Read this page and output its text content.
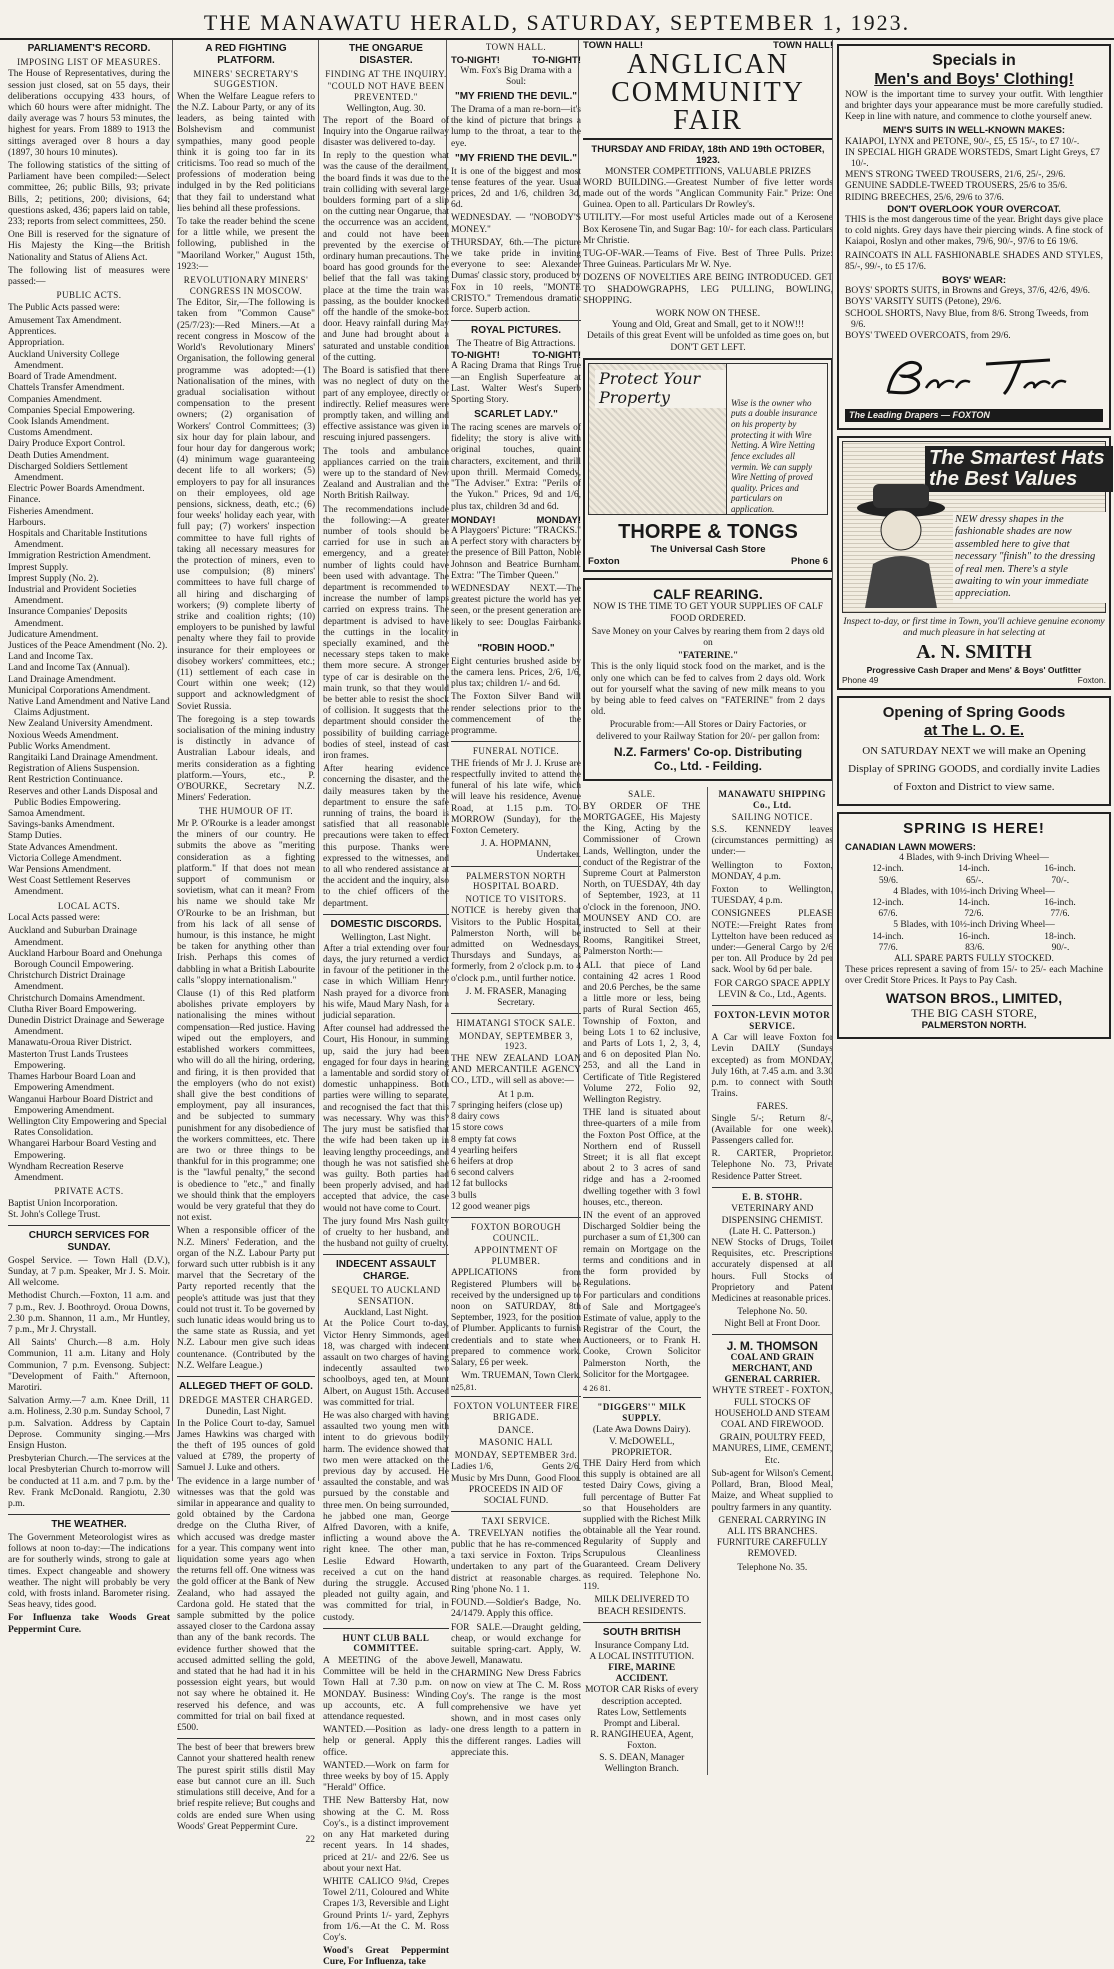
THE MANAWATU HERALD, SATURDAY, SEPTEMBER 1, 1923.
PARLIAMENT'S RECORD.
IMPOSING LIST OF MEASURES.

The House of Representatives, during the session just closed, sat on 55 days, their deliberations occupying 433 hours, of which 60 hours were after midnight. The daily average was 7 hours 53 minutes, the highest for years. From 1889 to 1913 the sittings averaged over 8 hours a day (1897, 30 hours 10 minutes).

The following statistics of the sitting of Parliament have been compiled:—Select committee, 26; public Bills, 93; private Bills, 2; petitions, 200; divisions, 64; questions asked, 436; papers laid on table, 233; reports from select committees, 250.

One Bill is reserved for the signature of His Majesty the King—the British Nationality and Status of Aliens Act.

The following list of measures were passed:—

PUBLIC ACTS.

The Public Acts passed were:

Amusement Tax Amendment.
Apprentices.
Appropriation.
Auckland University College Amendment.
Board of Trade Amendment.
Chattels Transfer Amendment.
Companies Amendment.
Companies Special Empowering.
Cook Islands Amendment.
Customs Amendment.
Dairy Produce Export Control.
Death Duties Amendment.
Discharged Soldiers Settlement Amendment.
Electric Power Boards Amendment.
Finance.
Fisheries Amendment.
Harbours.
Hospitals and Charitable Institutions Amendment.
Immigration Restriction Amendment.
Imprest Supply.
Imprest Supply (No. 2).
Industrial and Provident Societies Amendment.
Insurance Companies' Deposits Amendment.
Judicature Amendment.
Justices of the Peace Amendment (No. 2).
Land and Income Tax.
Land and Income Tax (Annual).
Land Drainage Amendment.
Municipal Corporations Amendment.
Native Land Amendment and Native Land Claims Adjustment.
New Zealand University Amendment.
Noxious Weeds Amendment.
Public Works Amendment.
Rangitaiki Land Drainage Amendment.
Registration of Aliens Suspension.
Rent Restriction Continuance.
Reserves and other Lands Disposal and Public Bodies Empowering.
Samoa Amendment.
Savings-banks Amendment.
Stamp Duties.
State Advances Amendment.
Victoria College Amendment.
War Pensions Amendment.
West Coast Settlement Reserves Amendment.
LOCAL ACTS.

Local Acts passed were:

Auckland and Suburban Drainage Amendment.
Auckland Harbour Board and Onehunga Borough Council Empowering.
Christchurch District Drainage Amendment.
Christchurch Domains Amendment.
Clutha River Board Empowering.
Dunedin District Drainage and Sewerage Amendment.
Manawatu-Oroua River District.
Masterton Trust Lands Trustees Empowering.
Thames Harbour Board Loan and Empowering Amendment.
Wanganui Harbour Board District and Empowering Amendment.
Wellington City Empowering and Special Rates Consolidation.
Whangarei Harbour Board Vesting and Empowering.
Wyndham Recreation Reserve Amendment.
PRIVATE ACTS.
Baptist Union Incorporation.
St. John's College Trust.
CHURCH SERVICES FOR SUNDAY.

Gospel Service. — Town Hall (D.V.), Sunday, at 7 p.m. Speaker, Mr J. S. Moir. All welcome.

Methodist Church.—Foxton, 11 a.m. and 7 p.m., Rev. J. Boothroyd. Oroua Downs, 2.30 p.m. Shannon, 11 a.m., Mr Huntley, 7 p.m., Mr J. Chrystall.

All Saints' Church.—8 a.m. Holy Communion, 11 a.m. Litany and Holy Communion, 7 p.m. Evensong. Subject: "Development of Faith." Afternoon, Marotiri.

Salvation Army.—7 a.m. Knee Drill, 11 a.m. Holiness, 2.30 p.m. Sunday School, 7 p.m. Salvation. Address by Captain Deprose. Community singing.—Mrs Ensign Huston.

Presbyterian Church.—The services at the local Presbyterian Church to-morrow will be conducted at 11 a.m. and 7 p.m. by the Rev. Frank McDonald. Rangiotu, 2.30 p.m.

THE WEATHER.

The Government Meteorologist wires as follows at noon to-day:—The indications are for southerly winds, strong to gale at times. Expect changeable and showery weather. The night will probably be very cold, with frosts inland. Barometer rising. Seas heavy, tides good.

For Influenza take Woods Great Peppermint Cure.

A RED FIGHTING PLATFORM.
MINERS' SECRETARY'S SUGGESTION.

When the Welfare League refers to the N.Z. Labour Party, or any of its leaders, as being tainted with Bolshevism and communist sympathies, many good people think it is going too far in its criticisms. Too read so much of the professions of moderation being indulged in by the Red politicians that they fail to understand what lies behind all these professions.

To take the reader behind the scene for a little while, we present the following, published in the "Maoriland Worker," August 15th, 1923:—

REVOLUTIONARY MINERS' CONGRESS IN MOSCOW.

The Editor, Sir,—The following is taken from "Common Cause" (25/7/23):—Red Miners.—At a recent congress in Moscow of the World's Revolutionary Miners' Organisation, the following general programme was adopted:—(1) Nationalisation of the mines, with gradual socialisation without compensation to the present owners; (2) organisation of Workers' Control Committees; (3) six hour day for plain labour, and four hour day for dangerous work; (4) minimum wage guaranteeing decent life to all workers; (5) employers to pay for all insurances on their employees, old age pensions, sickness, death, etc.; (6) four weeks' holiday each year, with full pay; (7) workers' inspection committee to have full rights of taking all necessary measures for the protection of miners, even to use compulsion; (8) miners' committees to have full charge of all hiring and discharging of workers; (9) complete liberty of strike and coalition rights; (10) employers to be punished by lawful penalty where they fail to provide insurance for their employees or disobey workers' committees, etc.; (11) settlement of each case in Court within one week; (12) support and acknowledgment of Soviet Russia.

The foregoing is a step towards socialisation of the mining industry is distinctly in advance of Australian Labour ideals, and merits consideration as a fighting platform.—Yours, etc., P. O'BOURKE, Secretary N.Z. Miners' Federation.

THE HUMOUR OF IT.

Mr P. O'Rourke is a leader amongst the miners of our country. He submits the above as "meriting consideration as a fighting platform." If that does not mean support of communism or sovietism, what can it mean? From his name we should take Mr O'Rourke to be an Irishman, but from his lack of all sense of humour, is this instance, he might be taken for anything other than Irish. Perhaps this comes of dabbling in what a British Labourite calls "sloppy internationalism."

Clause (1) of this Red platform abolishes private employers by nationalising the mines without compensation—Red justice. Having wiped out the employers, and established workers committees, who will do all the hiring, ordering, and firing, it is then provided that the employers (who do not exist) shall give the best conditions of employment, pay all insurances, and be subjected to summary punishment for any disobedience of the workers committees, etc. There are two or three things to be thankful for in this programme; one is the "lawful penalty," the second is obedience to "etc.," and finally we should think that the employers would be very grateful that they do not exist.

When a responsible officer of the N.Z. Miners' Federation, and the organ of the N.Z. Labour Party put forward such utter rubbish is it any marvel that the Secretary of the Party reported recently that the people's attitude was just that they could not trust it. To be governed by such lunatic ideas would bring us to the same state as Russia, and yet N.Z. Labour men give such ideas countenance. (Contributed by the N.Z. Welfare League.)

ALLEGED THEFT OF GOLD.
DREDGE MASTER CHARGED.
Dunedin, Last Night.

In the Police Court to-day, Samuel James Hawkins was charged with the theft of 195 ounces of gold valued at £789, the property of Samuel J. Luke and others.

The evidence in a large number of witnesses was that the gold was similar in appearance and quality to gold obtained by the Cardona dredge on the Clutha River, of which accused was dredge master for a year. This company went into liquidation some years ago when the returns fell off. One witness was the gold officer at the Bank of New Zealand, who had assayed the Cardona gold. He stated that the sample submitted by the police assayed closer to the Cardona assay than any of the bank records. The evidence further showed that the accused admitted selling the gold, and stated that he had had it in his possession eight years, but would not say where he obtained it. He reserved his defence, and was committed for trial on bail fixed at £500.

The best of beer that brewers brew Cannot your shattered health renew The purest spirit stills distil May ease but cannot cure an ill. Such stimulations still deceive, And for a brief respite relieve; But coughs and colds are ended sure When using Woods' Great Peppermint Cure.

22
THE ONGARUE DISASTER.
FINDING AT THE INQUIRY.
"COULD NOT HAVE BEEN PREVENTED."
Wellington, Aug. 30.

The report of the Board of Inquiry into the Ongarue railway disaster was delivered to-day.

In reply to the question what was the cause of the derailment, the board finds it was due to the train colliding with several large boulders forming part of a slip on the cutting near Ongarue, that the occurrence was an accident, and could not have been prevented by the exercise of ordinary human precautions. The board has good grounds for the belief that the fall was taking place at the time the train was passing, as the boulder knocked off the handle of the smoke-box door. Heavy rainfall during May and June had brought about a saturated and unstable condition of the cutting.

The Board is satisfied that there was no neglect of duty on the part of any employee, directly or indirectly. Relief measures were promptly taken, and willing and effective assistance was given in rescuing injured passengers.

The tools and ambulance appliances carried on the train were up to the standard of New Zealand and Australian and the North British Railway.

The recommendations include the following:—A greater number of tools should be carried for use in such an emergency, and a greater number of lights could have been used with advantage. The department is recommended to increase the number of lamps carried on express trains. The department is advised to have the cuttings in the locality specially examined, and the necessary steps taken to make them more secure. A stronger type of car is desirable on the main trunk, so that they would be better able to resist the shock of collision. It suggests that the department should consider the possibility of building carriage bodies of steel, instead of cast iron frames.

After hearing evidence concerning the disaster, and the daily measures taken by the department to ensure the safe running of trains, the board is satisfied that all reasonable precautions were taken to effect this purpose. Thanks were expressed to the witnesses, and to all who rendered assistance at the accident and the inquiry, also to the chief officers of the department.

DOMESTIC DISCORDS.
Wellington, Last Night.

After a trial extending over four days, the jury returned a verdict in favour of the petitioner in the case in which William Henry Nash prayed for a divorce from his wife, Maud Mary Nash, for a judicial separation.

After counsel had addressed the Court, His Honour, in summing up, said the jury had been engaged for four days in hearing a lamentable and sordid story of domestic unhappiness. Both parties were willing to separate, and recognised the fact that this was necessary. Why was this? The jury must be satisfied that the wife had been taken up in leaving lengthy proceedings, and though he was not satisfied she was guilty. Both parties had been properly advised, and had accepted that advice, the case would not have come to Court.

The jury found Mrs Nash guilty of cruelty to her husband, and the husband not guilty of cruelty.

INDECENT ASSAULT CHARGE.
SEQUEL TO AUCKLAND SENSATION.
Auckland, Last Night.

At the Police Court to-day, Victor Henry Simmonds, aged 18, was charged with indecent assault on two charges of having indecently assaulted two schoolboys, aged ten, at Mount Albert, on August 15th. Accused was committed for trial.

He was also charged with having assaulted two young men with intent to do grievous bodily harm. The evidence showed that two men were attacked on the previous day by accused. He assaulted the constable, and was pursued by the constable and three men. On being surrounded, he jabbed one man, George Alfred Davoren, with a knife, inflicting a wound above the right knee. The other man, Leslie Edward Howarth, received a cut on the hand during the struggle. Accused pleaded not guilty again, and was committed for trial, in custody.

HUNT CLUB BALL COMMITTEE.

A MEETING of the above Committee will be held in the Town Hall at 7.30 p.m. on MONDAY. Business: Winding up accounts, etc. A full attendance requested.

WANTED.—Position as lady-help or general. Apply this office.

WANTED.—Work on farm for three weeks by boy of 15. Apply "Herald" Office.

THE New Battersby Hat, now showing at the C. M. Ross Coy's., is a distinct improvement on any Hat marketed during recent years. In 14 shades, priced at 21/- and 22/6. See us about your next Hat.

WHITE CALICO 9¾d, Crepes Towel 2/11, Coloured and White Crapes 1/3, Reversible and Light Ground Prints 1/- yard, Zephyrs from 1/6.—At the C. M. Ross Coy's.

Wood's Great Peppermint Cure, For Influenza, take

TOWN HALL.
TO-NIGHT!	TO-NIGHT!
Wm. Fox's Big Drama with a Soul:
"MY FRIEND THE DEVIL."

The Drama of a man re-born—it's the kind of picture that brings a lump to the throat, a tear to the eye.

"MY FRIEND THE DEVIL."

It is one of the biggest and most tense features of the year. Usual prices, 2d and 1/6, children 3d, 6d.

WEDNESDAY. — "NOBODY'S MONEY."

THURSDAY, 6th.—The picture we take pride in inviting everyone to see: Alexander Dumas' classic story, produced by Fox in 10 reels, "MONTE CRISTO." Tremendous dramatic force. Superb action.

ROYAL PICTURES.
The Theatre of Big Attractions.
TO-NIGHT!	TO-NIGHT!

A Racing Drama that Rings True—an English Superfeature at Last. Walter West's Superb Sporting Story.

SCARLET LADY."

The racing scenes are marvels of fidelity; the story is alive with original touches, quaint characters, excitement, and thrill upon thrill. Mermaid Comedy, "The Adviser." Extra: "Perils of the Yukon." Prices, 9d and 1/6, plus tax, children 3d and 6d.

MONDAY!	MONDAY!

A Playgoers' Picture: "TRACKS." A perfect story with characters by the presence of Bill Patton, Noble Johnson and Beatrice Burnham. Extra: "The Timber Queen."

WEDNESDAY NEXT.—The greatest picture the world has yet seen, or the present generation are likely to see: Douglas Fairbanks in

"ROBIN HOOD."

Eight centuries brushed aside by the camera lens. Prices, 2/6, 1/6, plus tax; children 1/- and 6d.

The Foxton Silver Band will render selections prior to the commencement of the programme.

FUNERAL NOTICE.

THE friends of Mr J. J. Kruse are respectfully invited to attend the funeral of his late wife, which will leave his residence, Avenue Road, at 1.15 p.m. TO-MORROW (Sunday), for the Foxton Cemetery.

J. A. HOPMANN,
Undertaker.
PALMERSTON NORTH HOSPITAL BOARD.
NOTICE TO VISITORS.

NOTICE is hereby given that Visitors to the Public Hospital, Palmerston North, will be admitted on Wednesdays, Thursdays and Sundays, as formerly, from 2 o'clock p.m. to 4 o'clock p.m., until further notice.

J. M. FRASER, Managing Secretary.
HIMATANGI STOCK SALE.
MONDAY, SEPTEMBER 3, 1923.

THE NEW ZEALAND LOAN AND MERCANTILE AGENCY CO., LTD., will sell as above:—

At 1 p.m.
7 springing heifers (close up)
8 dairy cows
15 store cows
8 empty fat cows
4 yearling heifers
6 heifers at drop
6 second calvers
12 fat bullocks
3 bulls
12 good weaner pigs
FOXTON BOROUGH COUNCIL.
APPOINTMENT OF PLUMBER.

APPLICATIONS from Registered Plumbers will be received by the undersigned up to noon on SATURDAY, 8th September, 1923, for the position of Plumber. Applicants to furnish credentials and to state when prepared to commence work. Salary, £6 per week.

Wm. TRUEMAN, Town Clerk.
n25,81.
FOXTON VOLUNTEER FIRE BRIGADE.
DANCE.
MASONIC HALL
MONDAY, SEPTEMBER 3rd.
Ladies 1/6,	Gents 2/6.
Music by Mrs Dunn, Good Floor.
PROCEEDS IN AID OF SOCIAL FUND.
TAXI SERVICE.

A. TREVELYAN notifies the public that he has re-commenced a taxi service in Foxton. Trips undertaken to any part of the district at reasonable charges. Ring 'phone No. 1 1.

FOUND.—Soldier's Badge, No. 24/1479. Apply this office.

FOR SALE.—Draught gelding, cheap, or would exchange for suitable spring-cart. Apply, W. Jewell, Manawatu.

CHARMING New Dress Fabrics now on view at The C. M. Ross Coy's. The range is the most comprehensive we have yet shown, and in most cases only one dress length to a pattern in the different ranges. Ladies will appreciate this.

TOWN HALL!	TOWN HALL!
ANGLICAN
COMMUNITY FAIR
THURSDAY AND FRIDAY, 18th AND 19th OCTOBER, 1923.
MONSTER COMPETITIONS, VALUABLE PRIZES

WORD BUILDING.—Greatest Number of five letter words made out of the words "Anglican Community Fair." Prize: One Guinea. Open to all. Particulars Dr Rowley's.

UTILITY.—For most useful Articles made out of a Kerosene Box Kerosene Tin, and Sugar Bag: 10/- for each class. Particulars Mr Christie.

TUG-OF-WAR.—Teams of Five. Best of Three Pulls. Prize: Three Guineas. Particulars Mr W. Nye.

DOZENS OF NOVELTIES ARE BEING INTRODUCED. GET TO SHADOWGRAPHS, LEG PULLING, BOWLING, SHOPPING.

WORK NOW ON THESE.
Young and Old, Great and Small, get to it NOW!!!

Details of this great Event will be unfolded as time goes on, but DON'T GET LEFT.

Protect Your Property	Wise is the owner who puts a double insurance on his property by protecting it with Wire Netting. A Wire Netting fence excludes all vermin. We can supply Wire Netting of proved quality. Prices and particulars on application.
THORPE & TONGS
The Universal Cash Store
Foxton	Phone 6
CALF REARING.

NOW IS THE TIME TO GET YOUR SUPPLIES OF CALF FOOD ORDERED.

Save Money on your Calves by rearing them from 2 days old on

"FATERINE."

This is the only liquid stock food on the market, and is the only one which can be fed to calves from 2 days old. Work out for yourself what the saving of new milk means to you by being able to feed calves on "FATERINE" from 2 days old.

Procurable from:—All Stores or Dairy Factories, or delivered to your Railway Station for 20/- per gallon from:

N.Z. Farmers' Co-op. Distributing
Co., Ltd. - Feilding.
SALE.

BY ORDER OF THE MORTGAGEE, His Majesty the King, Acting by the Commissioner of Crown Lands, Wellington, under the conduct of the Registrar of the Supreme Court at Palmerston North, on TUESDAY, 4th day of September, 1923, at 11 o'clock in the forenoon, JNO. MOUNSEY AND CO. are instructed to Sell at their Rooms, Rangitikei Street, Palmerston North:—

ALL that piece of Land containing 42 acres 1 Rood and 20.6 Perches, be the same a little more or less, being parts of Rural Section 465, Township of Foxton, and being Lots 1 to 62 inclusive, and Parts of Lots 1, 2, 3, 4, and 6 on deposited Plan No. 253, and all the Land in Certificate of Title Registered Volume 272, Folio 92, Wellington Registry.

THE land is situated about three-quarters of a mile from the Foxton Post Office, at the Northern end of Russell Street; it is all flat except about 2 to 3 acres of sand ridge and has a 2-roomed dwelling together with 3 fowl houses, etc., thereon.

IN the event of an approved Discharged Soldier being the purchaser a sum of £1,300 can remain on Mortgage on the terms and conditions and in the form provided by Regulations.

For particulars and conditions of Sale and Mortgagee's Estimate of value, apply to the Registrar of the Court, the Auctioneers, or to Frank H. Cooke, Crown Solicitor Palmerston North, the Solicitor for the Mortgagee.

4 26 81.
"DIGGERS'" MILK SUPPLY.
(Late Awa Downs Dairy).
V. McDOWELL, PROPRIETOR.

THE Dairy Herd from which this supply is obtained are all tested Dairy Cows, giving a full percentage of Butter Fat so that Householders are supplied with the Richest Milk obtainable all the Year round. Regularity of Supply and Scrupulous Cleanliness Guaranteed. Cream Delivery as required. Telephone No. 119.

MILK DELIVERED TO BEACH RESIDENTS.
SOUTH BRITISH
Insurance Company Ltd.
A LOCAL INSTITUTION.
FIRE, MARINE ACCIDENT.
MOTOR CAR Risks of every description accepted.
Rates Low, Settlements Prompt and Liberal.
R. RANGIHEUEA, Agent, Foxton.
S. S. DEAN, Manager Wellington Branch.
MANAWATU SHIPPING Co., Ltd.
SAILING NOTICE.

S.S. KENNEDY leaves (circumstances permitting) as under:—

Wellington to Foxton, MONDAY, 4 p.m.

Foxton to Wellington, TUESDAY, 4 p.m.

CONSIGNEES PLEASE NOTE:—Freight Rates from Lyttelton have been reduced as under:—General Cargo by 2/6 per ton. All Produce by 2d per sack. Wool by 6d per bale.

FOR CARGO SPACE APPLY LEVIN & Co., Ltd., Agents.

FOXTON-LEVIN MOTOR SERVICE.

A Car will leave Foxton for Levin DAILY (Sundays excepted) as from MONDAY, July 16th, at 7.45 a.m. and 3.30 p.m. to connect with South Trains.

FARES.

Single 5/-; Return 8/-, (Available for one week). Passengers called for.

R. CARTER, Proprietor. Telephone No. 73, Private Residence Patter Street.

E. B. STOHR.
VETERINARY AND DISPENSING CHEMIST.
(Late H. C. Patterson.)

NEW Stocks of Drugs, Toilet Requisites, etc. Prescriptions accurately dispensed at all hours. Full Stocks of Proprietory and Patent Medicines at reasonable prices.

Telephone No. 50.
Night Bell at Front Door.
J. M. THOMSON
COAL AND GRAIN MERCHANT, AND GENERAL CARRIER.
WHYTE STREET - FOXTON,

FULL STOCKS OF HOUSEHOLD AND STEAM COAL AND FIREWOOD.

GRAIN, POULTRY FEED, MANURES, LIME, CEMENT, Etc.

Sub-agent for Wilson's Cement. Pollard, Bran, Blood Meal, Maize, and Wheat supplied to poultry farmers in any quantity.

GENERAL CARRYING IN ALL ITS BRANCHES. FURNITURE CAREFULLY REMOVED.

Telephone No. 35.
Specials in
Men's and Boys' Clothing!

NOW is the important time to survey your outfit. With lengthier and brighter days your appearance must be more carefully studied. Keep in line with nature, and commence to clothe yourself anew.

MEN'S SUITS IN WELL-KNOWN MAKES:
KAIAPOI, LYNX and PETONE, 90/-, £5, £5 15/-, to £7 10/-.
IN SPECIAL HIGH GRADE WORSTEDS, Smart Light Greys, £7 10/-.
MEN'S STRONG TWEED TROUSERS, 21/6, 25/-, 29/6.
GENUINE SADDLE-TWEED TROUSERS, 25/6 to 35/6.
RIDING BREECHES, 25/6, 29/6 to 37/6.
DON'T OVERLOOK YOUR OVERCOAT.

THIS is the most dangerous time of the year. Bright days give place to cold nights. Grey days have their piercing winds. A fine stock of Kaiapoi, Roslyn and other makes, 79/6, 90/-, 97/6 to £6 19/6.

RAINCOATS IN ALL FASHIONABLE SHADES AND STYLES, 85/-, 99/-, to £5 17/6.

BOYS' WEAR:
BOYS' SPORTS SUITS, in Browns and Greys, 37/6, 42/6, 49/6.
BOYS' VARSITY SUITS (Petone), 29/6.
SCHOOL SHORTS, Navy Blue, from 8/6. Strong Tweeds, from 9/6.
BOYS' TWEED OVERCOATS, from 29/6.
The Leading Drapers — FOXTON
The Smartest Hats the Best Values
NEW dressy shapes in the fashionable shades are now assembled here to give that necessary "finish" to the dressing of real men. There's a style awaiting to win your immediate appreciation.

Inspect to-day, or first time in Town, you'll achieve genuine economy and much pleasure in hat selecting at

A. N. SMITH
Progressive Cash Draper and Mens' & Boys' Outfitter
Phone 49	Foxton.
Opening of Spring Goods
at The L. O. E.

ON SATURDAY NEXT we will make an Opening Display of SPRING GOODS, and cordially invite Ladies of Foxton and District to view same.

SPRING IS HERE!
CANADIAN LAWN MOWERS:
4 Blades, with 9-inch Driving Wheel—
12-inch.	14-inch.	16-inch.
59/6.	65/-.	70/-.
4 Blades, with 10½-inch Driving Wheel—
12-inch.	14-inch.	16-inch.
67/6.	72/6.	77/6.
5 Blades, with 10½-inch Driving Wheel—
14-inch.	16-inch.	18-inch.
77/6.	83/6.	90/-.
ALL SPARE PARTS FULLY STOCKED.

These prices represent a saving of from 15/- to 25/- each Machine over Credit Store Prices. It Pays to Pay Cash.

WATSON BROS., LIMITED,
THE BIG CASH STORE,
PALMERSTON NORTH.
